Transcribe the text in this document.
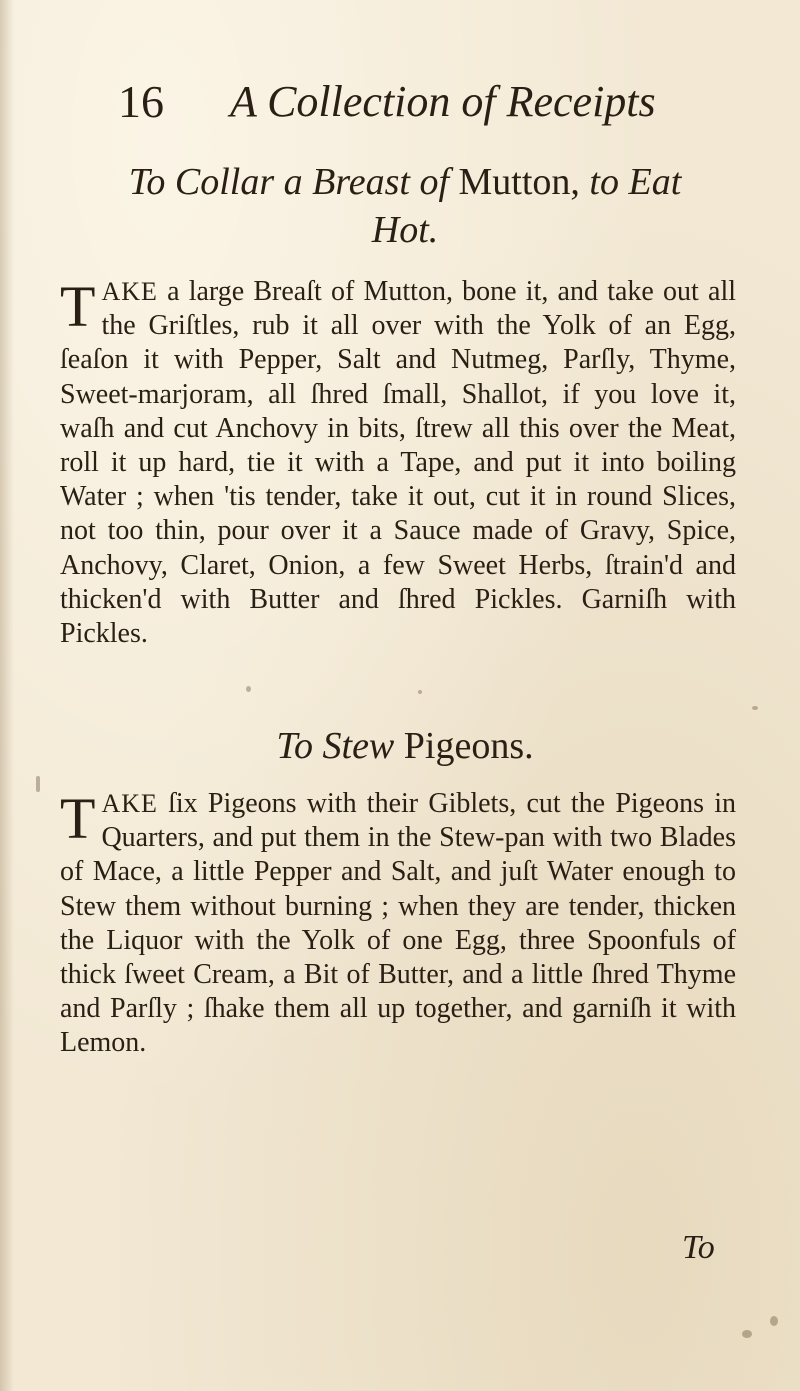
16 A Collection of Receipts
To Collar a Breast of Mutton, to Eat
Hot.
T AKE a large Breaſt of Mutton, bone it, and take out all the Griſtles, rub it all over with the Yolk of an Egg, ſeaſon it with Pepper, Salt and Nutmeg, Parſly, Thyme, Sweet-marjoram, all ſhred ſmall, Shallot, if you love it, waſh and cut Anchovy in bits, ſtrew all this over the Meat, roll it up hard, tie it with a Tape, and put it into boiling Water ; when 'tis tender, take it out, cut it in round Slices, not too thin, pour over it a Sauce made of Gravy, Spice, Anchovy, Claret, Onion, a few Sweet Herbs, ſtrain'd and thicken'd with Butter and ſhred Pickles. Garniſh with Pickles.
To Stew Pigeons.
T AKE ſix Pigeons with their Giblets, cut the Pigeons in Quarters, and put them in the Stew-pan with two Blades of Mace, a little Pepper and Salt, and juſt Water enough to Stew them without burning ; when they are tender, thicken the Liquor with the Yolk of one Egg, three Spoonfuls of thick ſweet Cream, a Bit of Butter, and a little ſhred Thyme and Parſly ; ſhake them all up together, and garniſh it with Lemon.
To
